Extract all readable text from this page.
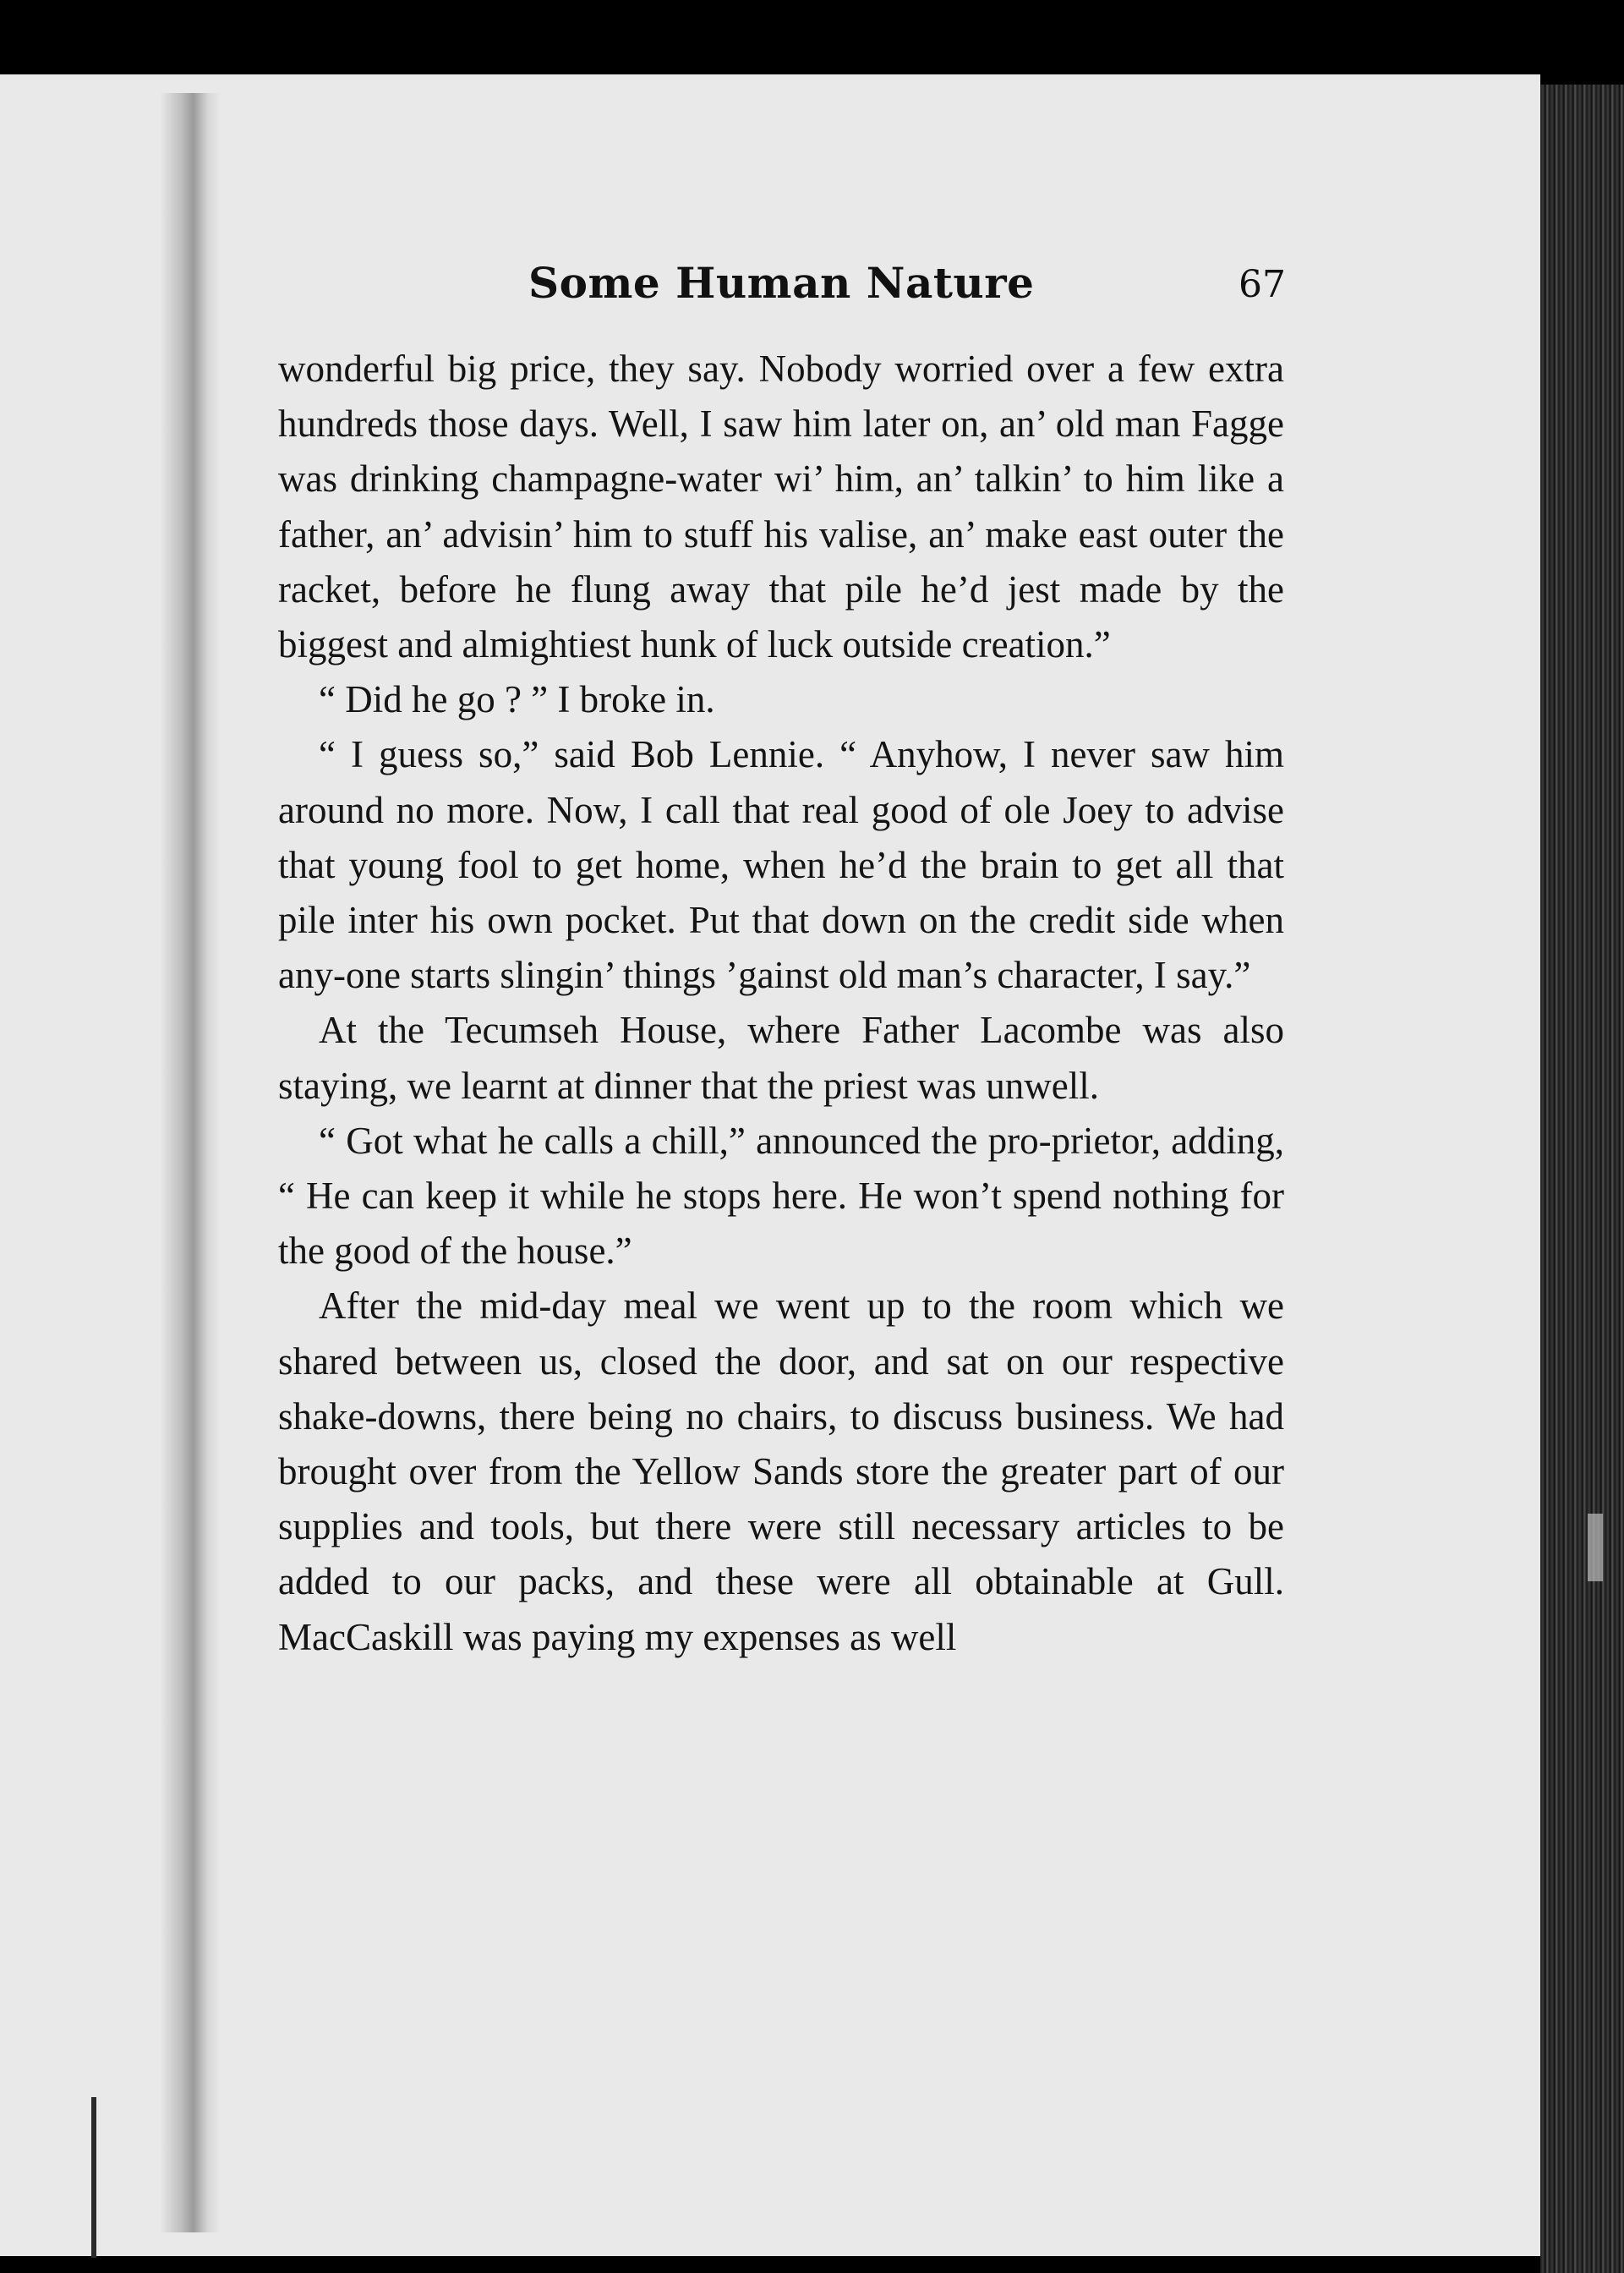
Some Human Nature	67

wonderful big price, they say. Nobody worried over a few extra hundreds those days. Well, I saw him later on, an’ old man Fagge was drinking champagne-water wi’ him, an’ talkin’ to him like a father, an’ advisin’ him to stuff his valise, an’ make east outer the racket, before he flung away that pile he’d jest made by the biggest and almightiest hunk of luck outside creation.”

“ Did he go ? ” I broke in.

“ I guess so,” said Bob Lennie. “ Anyhow, I never saw him around no more. Now, I call that real good of ole Joey to advise that young fool to get home, when he’d the brain to get all that pile inter his own pocket. Put that down on the credit side when any-one starts slingin’ things ’gainst old man’s character, I say.”

At the Tecumseh House, where Father Lacombe was also staying, we learnt at dinner that the priest was unwell.

“ Got what he calls a chill,” announced the pro-prietor, adding, “ He can keep it while he stops here. He won’t spend nothing for the good of the house.”

After the mid-day meal we went up to the room which we shared between us, closed the door, and sat on our respective shake-downs, there being no chairs, to discuss business. We had brought over from the Yellow Sands store the greater part of our supplies and tools, but there were still necessary articles to be added to our packs, and these were all obtainable at Gull. MacCaskill was paying my expenses as well
